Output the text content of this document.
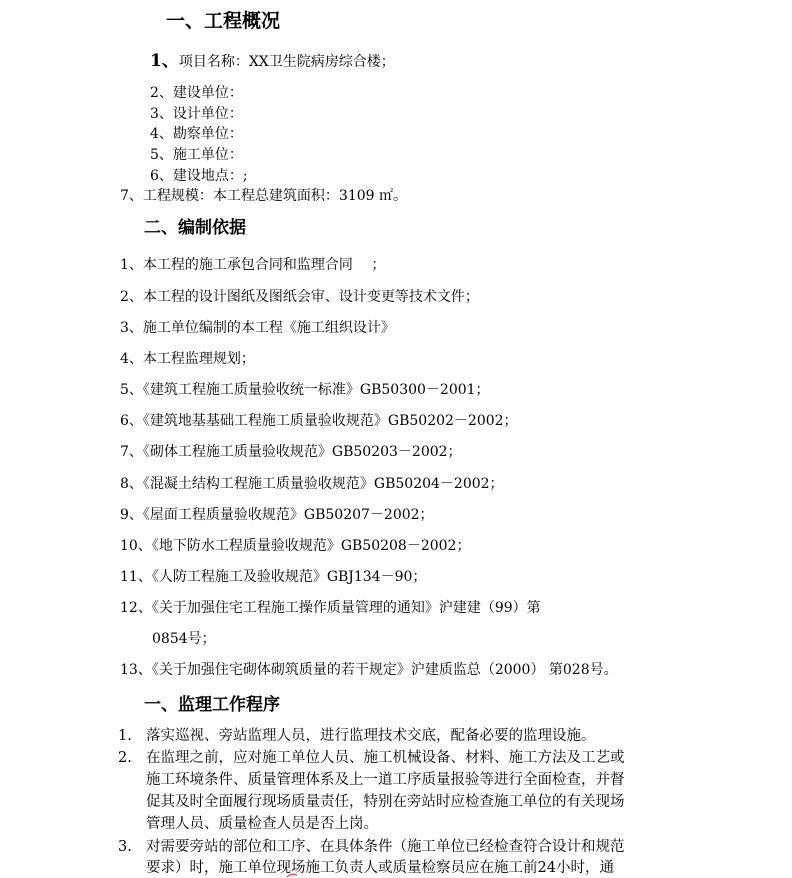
一、工程概况
1、项目名称：XX卫生院病房综合楼；
2、建设单位：
3、设计单位：
4、勘察单位：
5、施工单位：
6、建设地点：;
7、工程规模：本工程总建筑面积：3109 ㎡。
二、编制依据
1、本工程的施工承包合同和监理合同　 ；
2、本工程的设计图纸及图纸会审、设计变更等技术文件；
3、施工单位编制的本工程《施工组织设计》
4、本工程监理规划；
5、《建筑工程施工质量验收统一标准》GB50300－2001；
6、《建筑地基基础工程施工质量验收规范》GB50202－2002；
7、《砌体工程施工质量验收规范》GB50203－2002；
8、《混凝土结构工程施工质量验收规范》GB50204－2002；
9、《屋面工程质量验收规范》GB50207－2002；
10、《地下防水工程质量验收规范》GB50208－2002；
11、《人防工程施工及验收规范》GBJ134－90；
12、《关于加强住宅工程施工操作质量管理的通知》沪建建（99）第
0854号；
13、《关于加强住宅砌体砌筑质量的若干规定》沪建质监总（2000） 第028号。
一、监理工作程序
1. 落实巡视、旁站监理人员，进行监理技术交底，配备必要的监理设施。
2. 在监理之前，应对施工单位人员、施工机械设备、材料、施工方法及工艺或
施工环境条件、质量管理体系及上一道工序质量报验等进行全面检查，并督
促其及时全面履行现场质量责任，特别在旁站时应检查施工单位的有关现场
管理人员、质量检查人员是否上岗。
3. 对需要旁站的部位和工序、在具体条件（施工单位已经检查符合设计和规范
要求）时，施工单位现场施工负责人或质量检察员应在施工前24小时，通
